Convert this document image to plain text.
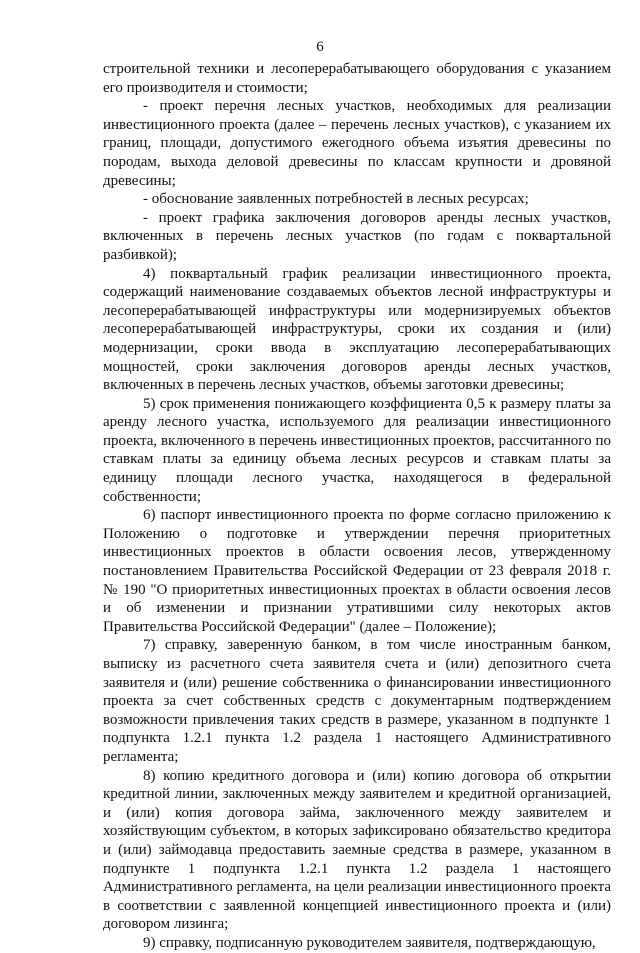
6

строительной техники и лесоперерабатывающего оборудования с указанием его производителя и стоимости;

- проект перечня лесных участков, необходимых для реализации инвестиционного проекта (далее – перечень лесных участков), с указанием их границ, площади, допустимого ежегодного объема изъятия древесины по породам, выхода деловой древесины по классам крупности и дровяной древесины;

- обоснование заявленных потребностей в лесных ресурсах;

- проект графика заключения договоров аренды лесных участков, включенных в перечень лесных участков (по годам с поквартальной разбивкой);

4) поквартальный график реализации инвестиционного проекта, содержащий наименование создаваемых объектов лесной инфраструктуры и лесоперерабатывающей инфраструктуры или модернизируемых объектов лесоперерабатывающей инфраструктуры, сроки их создания и (или) модернизации, сроки ввода в эксплуатацию лесоперерабатывающих мощностей, сроки заключения договоров аренды лесных участков, включенных в перечень лесных участков, объемы заготовки древесины;

5) срок применения понижающего коэффициента 0,5 к размеру платы за аренду лесного участка, используемого для реализации инвестиционного проекта, включенного в перечень инвестиционных проектов, рассчитанного по ставкам платы за единицу объема лесных ресурсов и ставкам платы за единицу площади лесного участка, находящегося в федеральной собственности;

6) паспорт инвестиционного проекта по форме согласно приложению к Положению о подготовке и утверждении перечня приоритетных инвестиционных проектов в области освоения лесов, утвержденному постановлением Правительства Российской Федерации от 23 февраля 2018 г. № 190 "О приоритетных инвестиционных проектах в области освоения лесов и об изменении и признании утратившими силу некоторых актов Правительства Российской Федерации" (далее – Положение);

7) справку, заверенную банком, в том числе иностранным банком, выписку из расчетного счета заявителя счета и (или) депозитного счета заявителя и (или) решение собственника о финансировании инвестиционного проекта за счет собственных средств с документарным подтверждением возможности привлечения таких средств в размере, указанном в подпункте 1 подпункта 1.2.1 пункта 1.2 раздела 1 настоящего Административного регламента;

8) копию кредитного договора и (или) копию договора об открытии кредитной линии, заключенных между заявителем и кредитной организацией, и (или) копия договора займа, заключенного между заявителем и хозяйствующим субъектом, в которых зафиксировано обязательство кредитора и (или) займодавца предоставить заемные средства в размере, указанном в подпункте 1 подпункта 1.2.1 пункта 1.2 раздела 1 настоящего Административного регламента, на цели реализации инвестиционного проекта в соответствии с заявленной концепцией инвестиционного проекта и (или) договором лизинга;

9) справку, подписанную руководителем заявителя, подтверждающую,
